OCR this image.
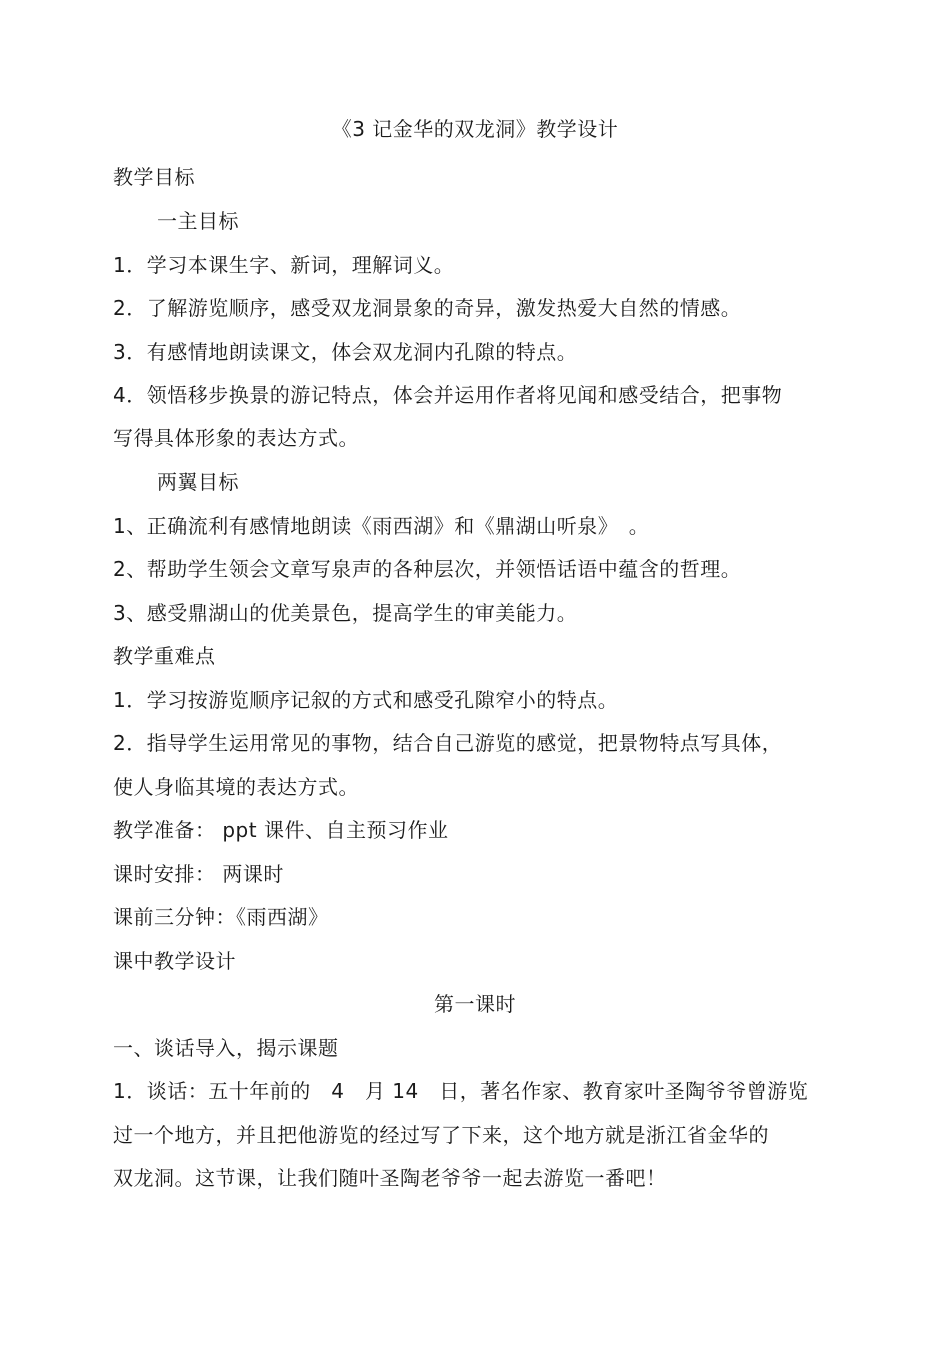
《3 记金华的双龙洞》教学设计
教学目标
一主目标
1．学习本课生字、新词，理解词义。
2．了解游览顺序，感受双龙洞景象的奇异，激发热爱大自然的情感。
3．有感情地朗读课文，体会双龙洞内孔隙的特点。
4．领悟移步换景的游记特点，体会并运用作者将见闻和感受结合，把事物
写得具体形象的表达方式。
两翼目标
1、正确流利有感情地朗读《雨西湖》和《鼎湖山听泉》　。
2、帮助学生领会文章写泉声的各种层次，并领悟话语中蕴含的哲理。
3、感受鼎湖山的优美景色，提高学生的审美能力。
教学重难点
1．学习按游览顺序记叙的方式和感受孔隙窄小的特点。
2．指导学生运用常见的事物，结合自己游览的感觉，把景物特点写具体，
使人身临其境的表达方式。
教学准备： ppt 课件、自主预习作业
课时安排： 两课时
课前三分钟：《雨西湖》
课中教学设计
第一课时
一、谈话导入，揭示课题
1．谈话：五十年前的　4　月 14　日，著名作家、教育家叶圣陶爷爷曾游览
过一个地方，并且把他游览的经过写了下来，这个地方就是浙江省金华的
双龙洞。这节课，让我们随叶圣陶老爷爷一起去游览一番吧！
